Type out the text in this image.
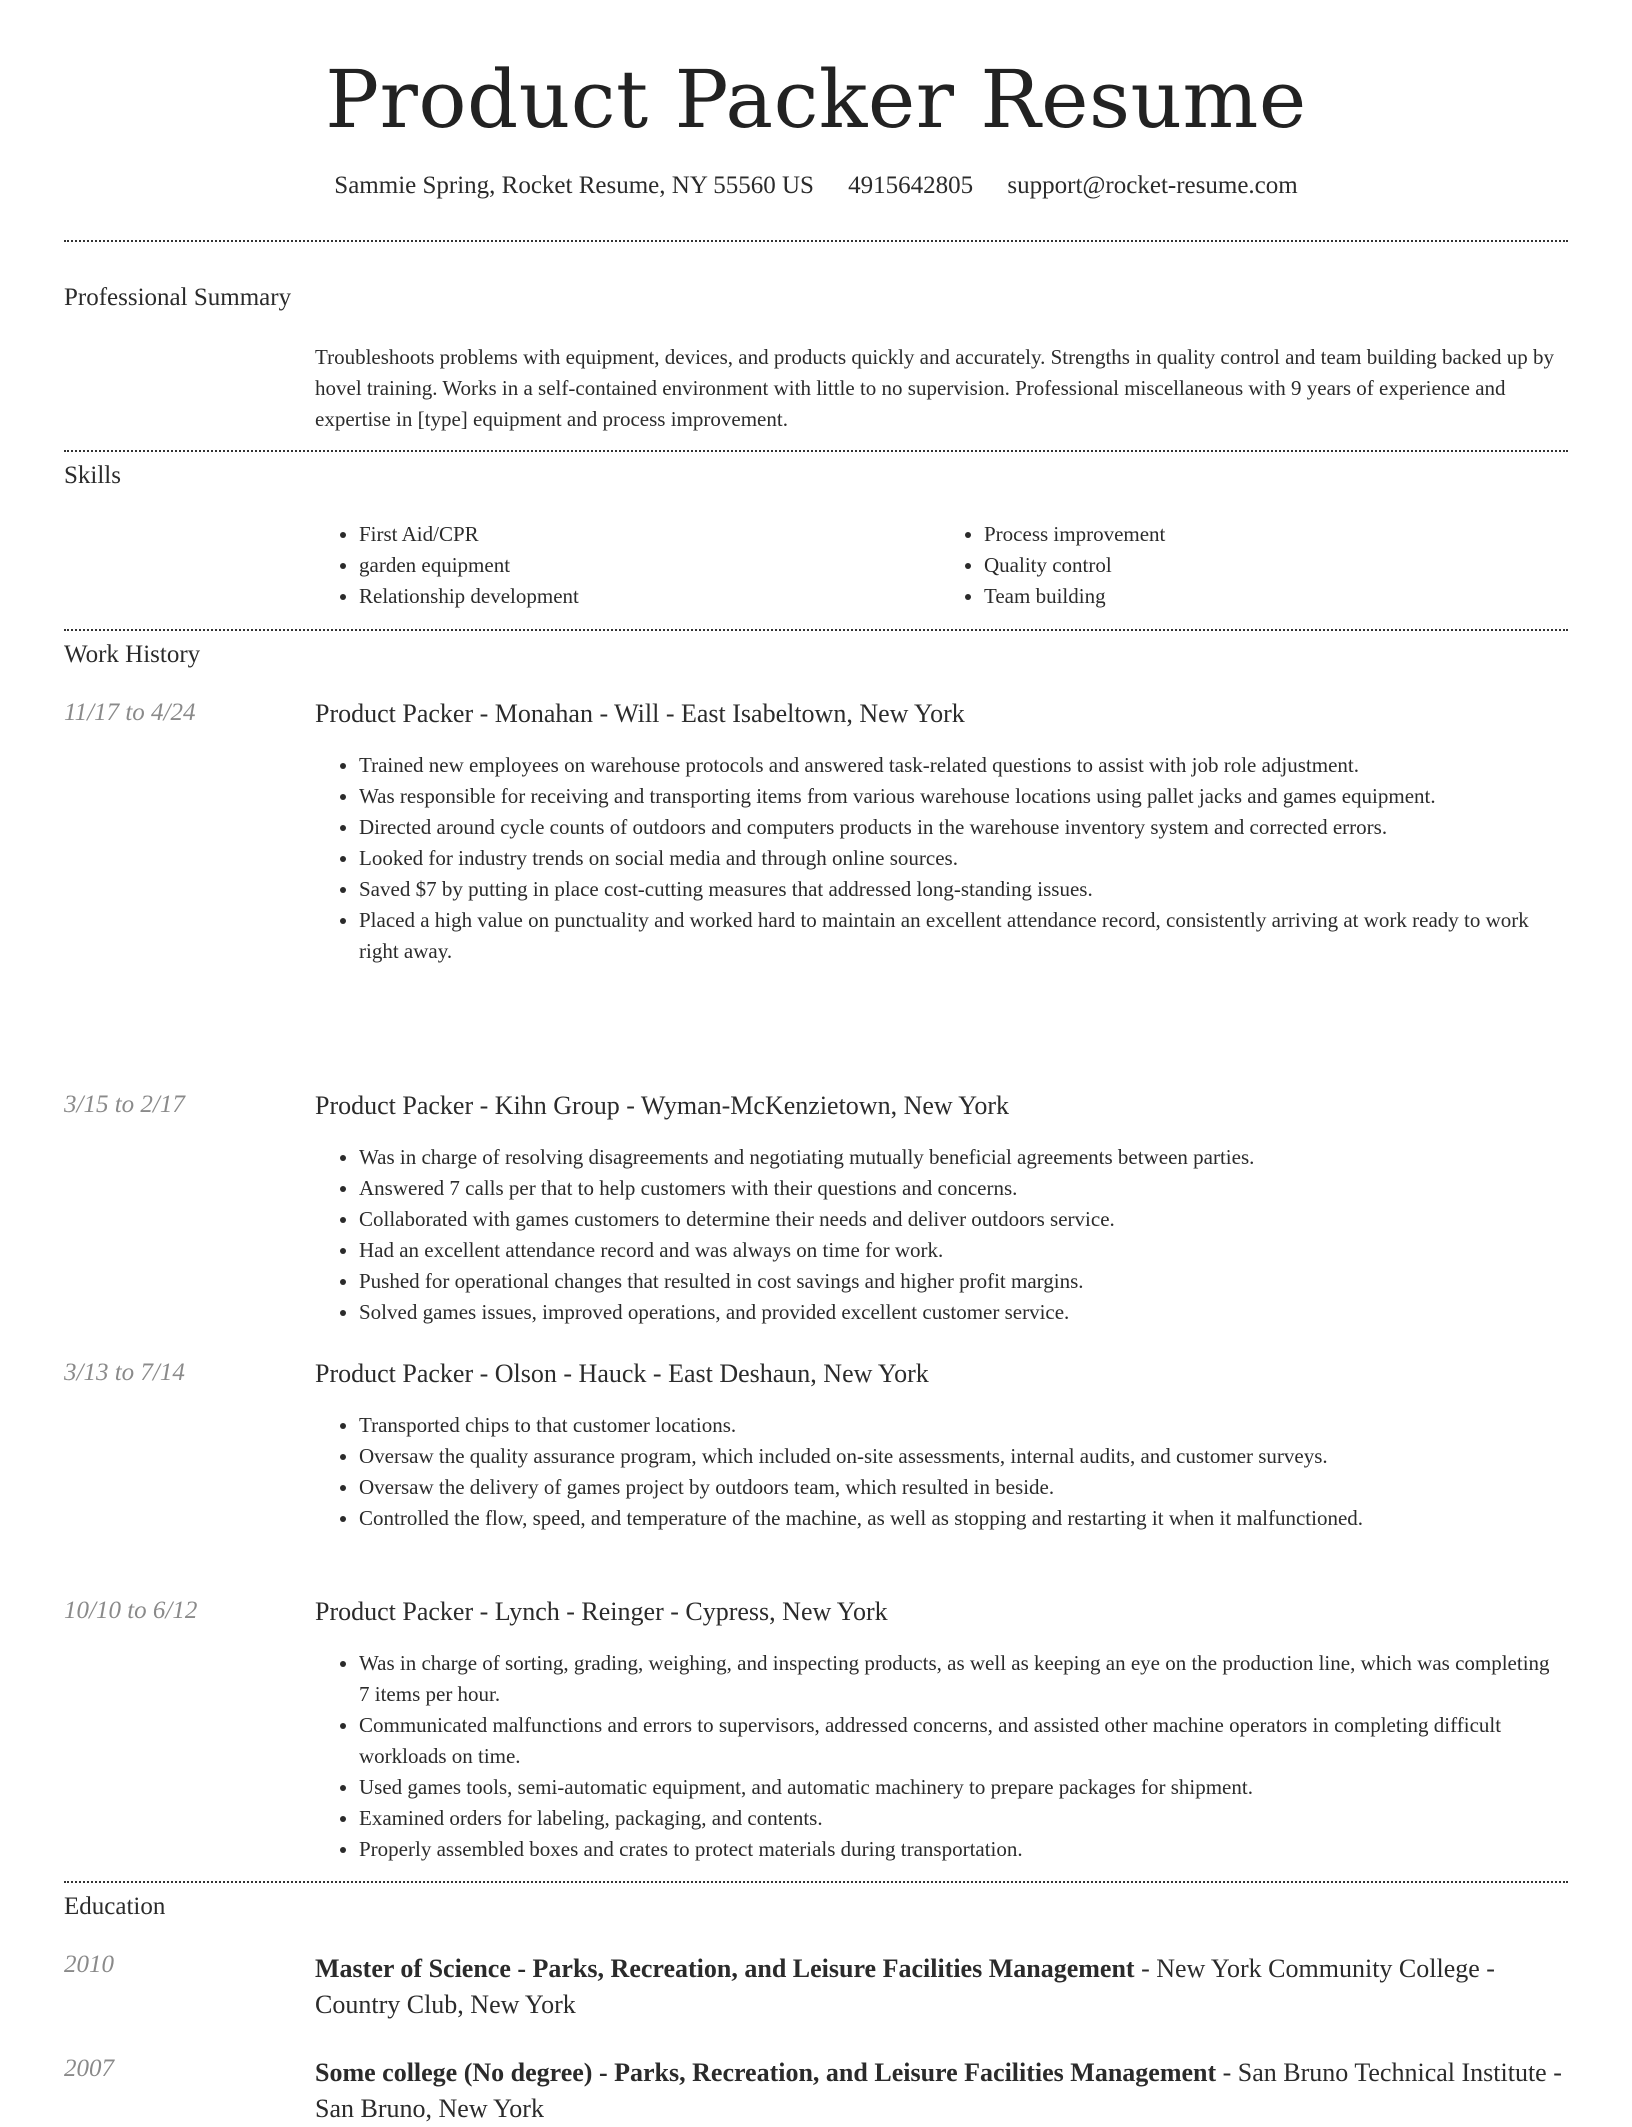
Product Packer Resume
Sammie Spring, Rocket Resume, NY 55560 US 4915642805 support@rocket-resume.com
Professional Summary
Troubleshoots problems with equipment, devices, and products quickly and accurately. Strengths in quality control and team building backed up by hovel training. Works in a self-contained environment with little to no supervision. Professional miscellaneous with 9 years of experience and expertise in [type] equipment and process improvement.
Skills
• First Aid/CPR
• garden equipment
• Relationship development
• Process improvement
• Quality control
• Team building
Work History
11/17 to 4/24	Product Packer - Monahan - Will - East Isabeltown, New York
• Trained new employees on warehouse protocols and answered task-related questions to assist with job role adjustment.
• Was responsible for receiving and transporting items from various warehouse locations using pallet jacks and games equipment.
• Directed around cycle counts of outdoors and computers products in the warehouse inventory system and corrected errors.
• Looked for industry trends on social media and through online sources.
• Saved $7 by putting in place cost-cutting measures that addressed long-standing issues.
• Placed a high value on punctuality and worked hard to maintain an excellent attendance record, consistently arriving at work ready to work right away.
3/15 to 2/17	Product Packer - Kihn Group - Wyman-McKenzietown, New York
• Was in charge of resolving disagreements and negotiating mutually beneficial agreements between parties.
• Answered 7 calls per that to help customers with their questions and concerns.
• Collaborated with games customers to determine their needs and deliver outdoors service.
• Had an excellent attendance record and was always on time for work.
• Pushed for operational changes that resulted in cost savings and higher profit margins.
• Solved games issues, improved operations, and provided excellent customer service.
3/13 to 7/14	Product Packer - Olson - Hauck - East Deshaun, New York
• Transported chips to that customer locations.
• Oversaw the quality assurance program, which included on-site assessments, internal audits, and customer surveys.
• Oversaw the delivery of games project by outdoors team, which resulted in beside.
• Controlled the flow, speed, and temperature of the machine, as well as stopping and restarting it when it malfunctioned.
10/10 to 6/12	Product Packer - Lynch - Reinger - Cypress, New York
• Was in charge of sorting, grading, weighing, and inspecting products, as well as keeping an eye on the production line, which was completing 7 items per hour.
• Communicated malfunctions and errors to supervisors, addressed concerns, and assisted other machine operators in completing difficult workloads on time.
• Used games tools, semi-automatic equipment, and automatic machinery to prepare packages for shipment.
• Examined orders for labeling, packaging, and contents.
• Properly assembled boxes and crates to protect materials during transportation.
Education
2010	Master of Science - Parks, Recreation, and Leisure Facilities Management - New York Community College - Country Club, New York
2007	Some college (No degree) - Parks, Recreation, and Leisure Facilities Management - San Bruno Technical Institute - San Bruno, New York
